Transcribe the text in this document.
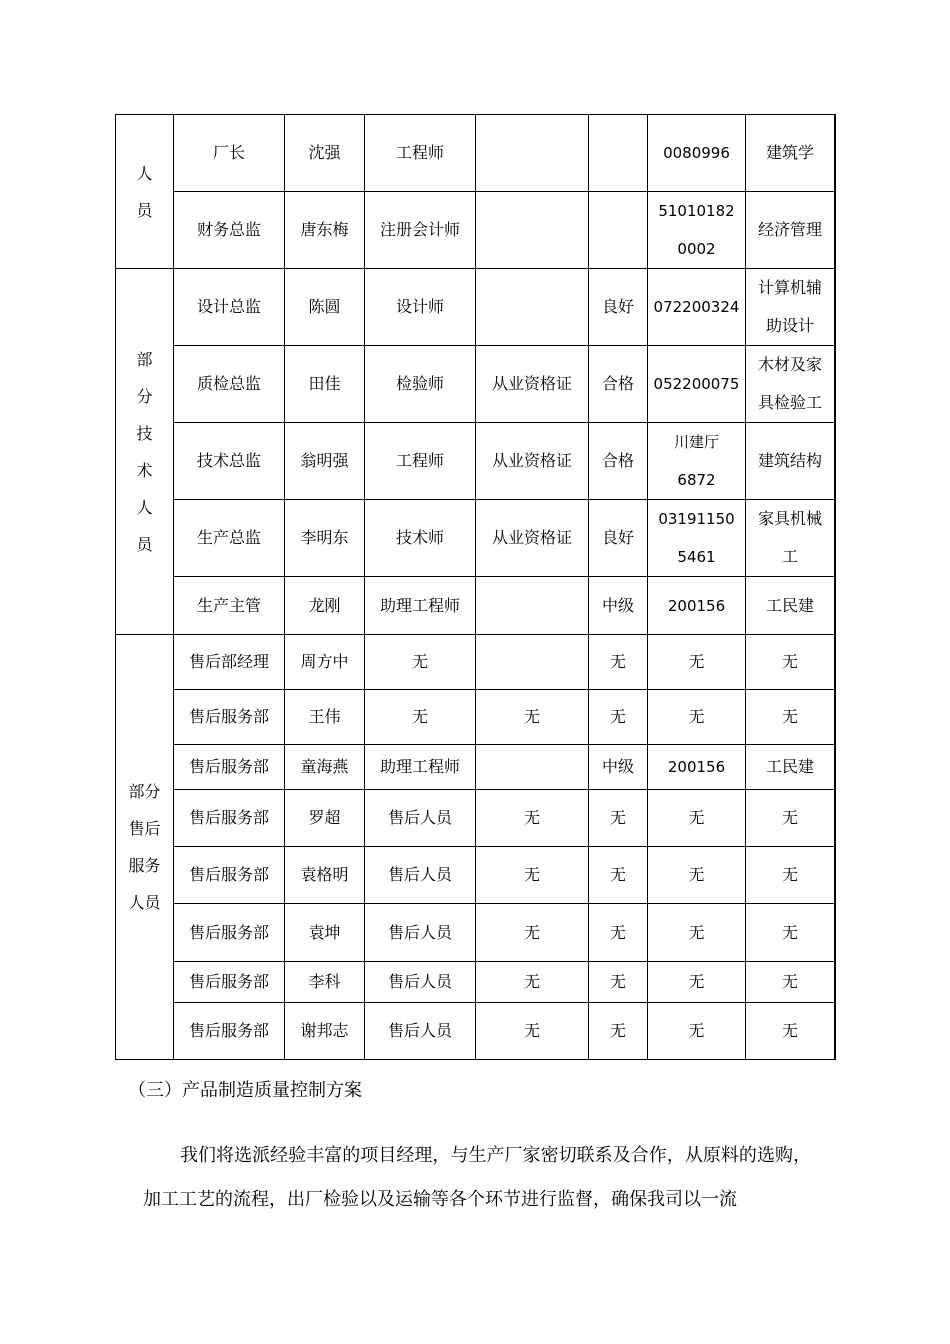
人员	厂长	沈强	工程师			0080996	建筑学
	财务总监	唐东梅	注册会计师			510101820002	经济管理
部分技术人员	设计总监	陈圆	设计师		良好	072200324	计算机辅助设计
	质检总监	田佳	检验师	从业资格证	合格	052200075	木材及家具检验工
	技术总监	翁明强	工程师	从业资格证	合格	川建厅6872	建筑结构
	生产总监	李明东	技术师	从业资格证	良好	031911505461	家具机械工
	生产主管	龙刚	助理工程师		中级	200156	工民建
部分售后服务人员	售后部经理	周方中	无		无	无	无
	售后服务部	王伟	无	无	无	无	无
	售后服务部	童海燕	助理工程师		中级	200156	工民建
	售后服务部	罗超	售后人员	无	无	无	无
	售后服务部	袁格明	售后人员	无	无	无	无
	售后服务部	袁坤	售后人员	无	无	无	无
	售后服务部	李科	售后人员	无	无	无	无
	售后服务部	谢邦志	售后人员	无	无	无	无

（三）产品制造质量控制方案

我们将选派经验丰富的项目经理，与生产厂家密切联系及合作，从原料的选购，加工工艺的流程，出厂检验以及运输等各个环节进行监督，确保我司以一流
